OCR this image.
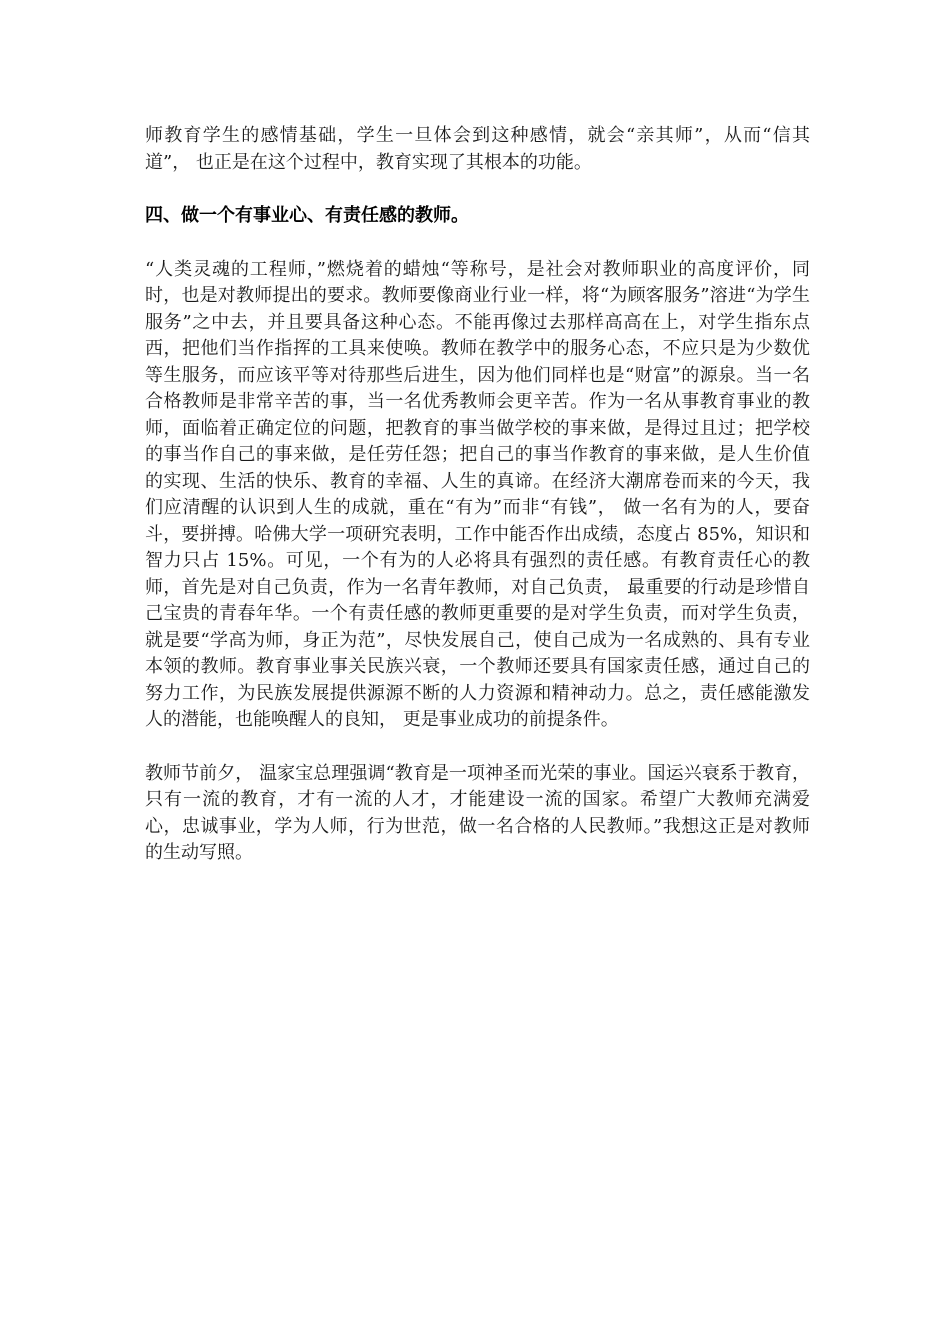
师教育学生的感情基础，学生一旦体会到这种感情，就会“亲其师”，从而“信其道”， 也正是在这个过程中，教育实现了其根本的功能。

四、做一个有事业心、有责任感的教师。

“人类灵魂的工程师，”燃烧着的蜡烛“等称号，是社会对教师职业的高度评价，同时，也是对教师提出的要求。教师要像商业行业一样，将“为顾客服务”溶进“为学生服务”之中去，并且要具备这种心态。不能再像过去那样高高在上，对学生指东点西，把他们当作指挥的工具来使唤。教师在教学中的服务心态，不应只是为少数优等生服务，而应该平等对待那些后进生，因为他们同样也是“财富”的源泉。当一名合格教师是非常辛苦的事，当一名优秀教师会更辛苦。作为一名从事教育事业的教师，面临着正确定位的问题，把教育的事当做学校的事来做，是得过且过；把学校的事当作自己的事来做，是任劳任怨；把自己的事当作教育的事来做，是人生价值的实现、生活的快乐、教育的幸福、人生的真谛。在经济大潮席卷而来的今天，我们应清醒的认识到人生的成就，重在“有为”而非“有钱”， 做一名有为的人，要奋斗，要拼搏。哈佛大学一项研究表明，工作中能否作出成绩，态度占 85%，知识和智力只占 15%。可见，一个有为的人必将具有强烈的责任感。有教育责任心的教师，首先是对自己负责，作为一名青年教师，对自己负责， 最重要的行动是珍惜自己宝贵的青春年华。一个有责任感的教师更重要的是对学生负责，而对学生负责，就是要“学高为师，身正为范”，尽快发展自己，使自己成为一名成熟的、具有专业本领的教师。教育事业事关民族兴衰，一个教师还要具有国家责任感，通过自己的努力工作，为民族发展提供源源不断的人力资源和精神动力。总之，责任感能激发人的潜能，也能唤醒人的良知， 更是事业成功的前提条件。

教师节前夕， 温家宝总理强调“教育是一项神圣而光荣的事业。国运兴衰系于教育，只有一流的教育，才有一流的人才，才能建设一流的国家。希望广大教师充满爱心，忠诚事业，学为人师，行为世范，做一名合格的人民教师。”我想这正是对教师的生动写照。
